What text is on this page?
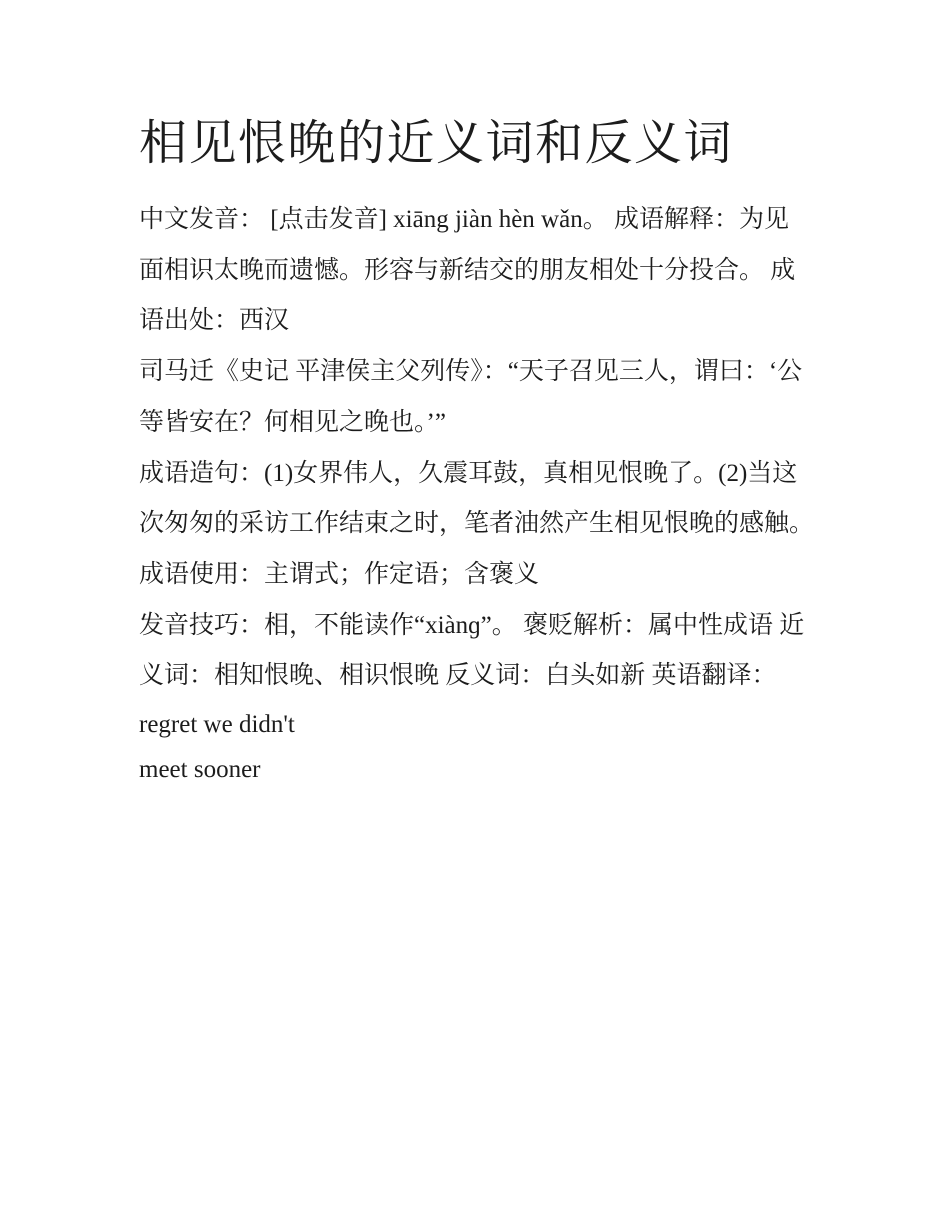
相见恨晚的近义词和反义词

中文发音： [点击发音] xiāng jiàn hèn wǎn。 成语解释：为见

面相识太晚而遗憾。形容与新结交的朋友相处十分投合。 成

语出处：西汉

司马迁《史记 平津侯主父列传》：“天子召见三人，谓曰：‘公

等皆安在？何相见之晚也。’”

成语造句：(1)女界伟人，久震耳鼓，真相见恨晚了。(2)当这

次匆匆的采访工作结束之时，笔者油然产生相见恨晚的感触。

成语使用：主谓式；作定语；含褒义

发音技巧：相，不能读作“xiànɡ”。 褒贬解析：属中性成语 近

义词：相知恨晚、相识恨晚 反义词：白头如新 英语翻译：

regret we didn't

meet sooner
